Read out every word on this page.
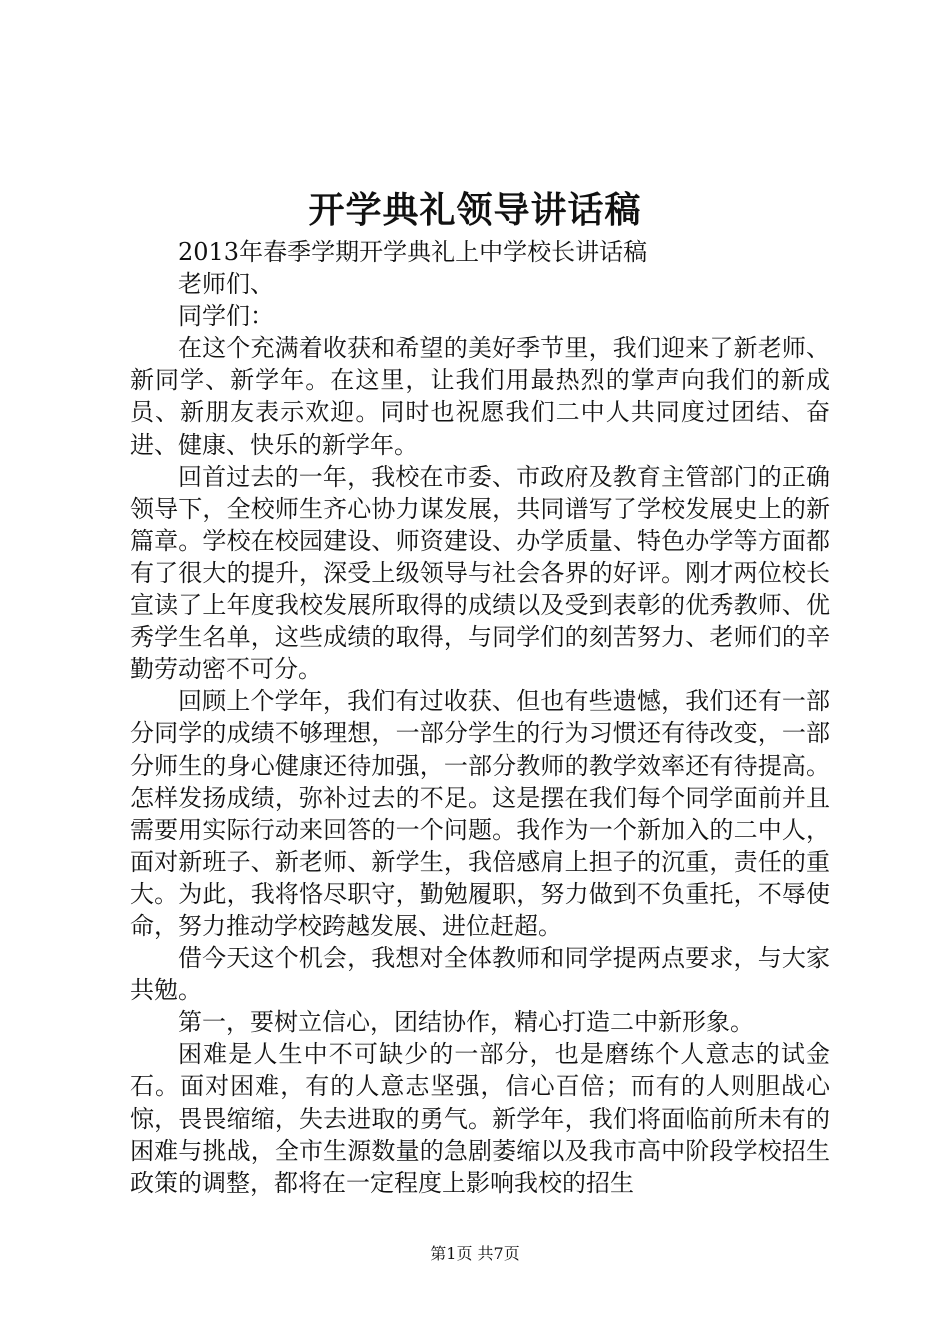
开学典礼领导讲话稿

2013年春季学期开学典礼上中学校长讲话稿

老师们、

同学们：

在这个充满着收获和希望的美好季节里，我们迎来了新老师、新同学、新学年。在这里，让我们用最热烈的掌声向我们的新成员、新朋友表示欢迎。同时也祝愿我们二中人共同度过团结、奋进、健康、快乐的新学年。

回首过去的一年，我校在市委、市政府及教育主管部门的正确领导下，全校师生齐心协力谋发展，共同谱写了学校发展史上的新篇章。学校在校园建设、师资建设、办学质量、特色办学等方面都有了很大的提升，深受上级领导与社会各界的好评。刚才两位校长宣读了上年度我校发展所取得的成绩以及受到表彰的优秀教师、优秀学生名单，这些成绩的取得，与同学们的刻苦努力、老师们的辛勤劳动密不可分。

回顾上个学年，我们有过收获、但也有些遗憾，我们还有一部分同学的成绩不够理想，一部分学生的行为习惯还有待改变，一部分师生的身心健康还待加强，一部分教师的教学效率还有待提高。怎样发扬成绩，弥补过去的不足。这是摆在我们每个同学面前并且需要用实际行动来回答的一个问题。我作为一个新加入的二中人，面对新班子、新老师、新学生，我倍感肩上担子的沉重，责任的重大。为此，我将恪尽职守，勤勉履职，努力做到不负重托，不辱使命，努力推动学校跨越发展、进位赶超。

借今天这个机会，我想对全体教师和同学提两点要求，与大家共勉。

第一，要树立信心，团结协作，精心打造二中新形象。

困难是人生中不可缺少的一部分，也是磨练个人意志的试金石。面对困难，有的人意志坚强，信心百倍；而有的人则胆战心惊，畏畏缩缩，失去进取的勇气。新学年，我们将面临前所未有的困难与挑战，全市生源数量的急剧萎缩以及我市高中阶段学校招生政策的调整，都将在一定程度上影响我校的招生

第1页 共7页
